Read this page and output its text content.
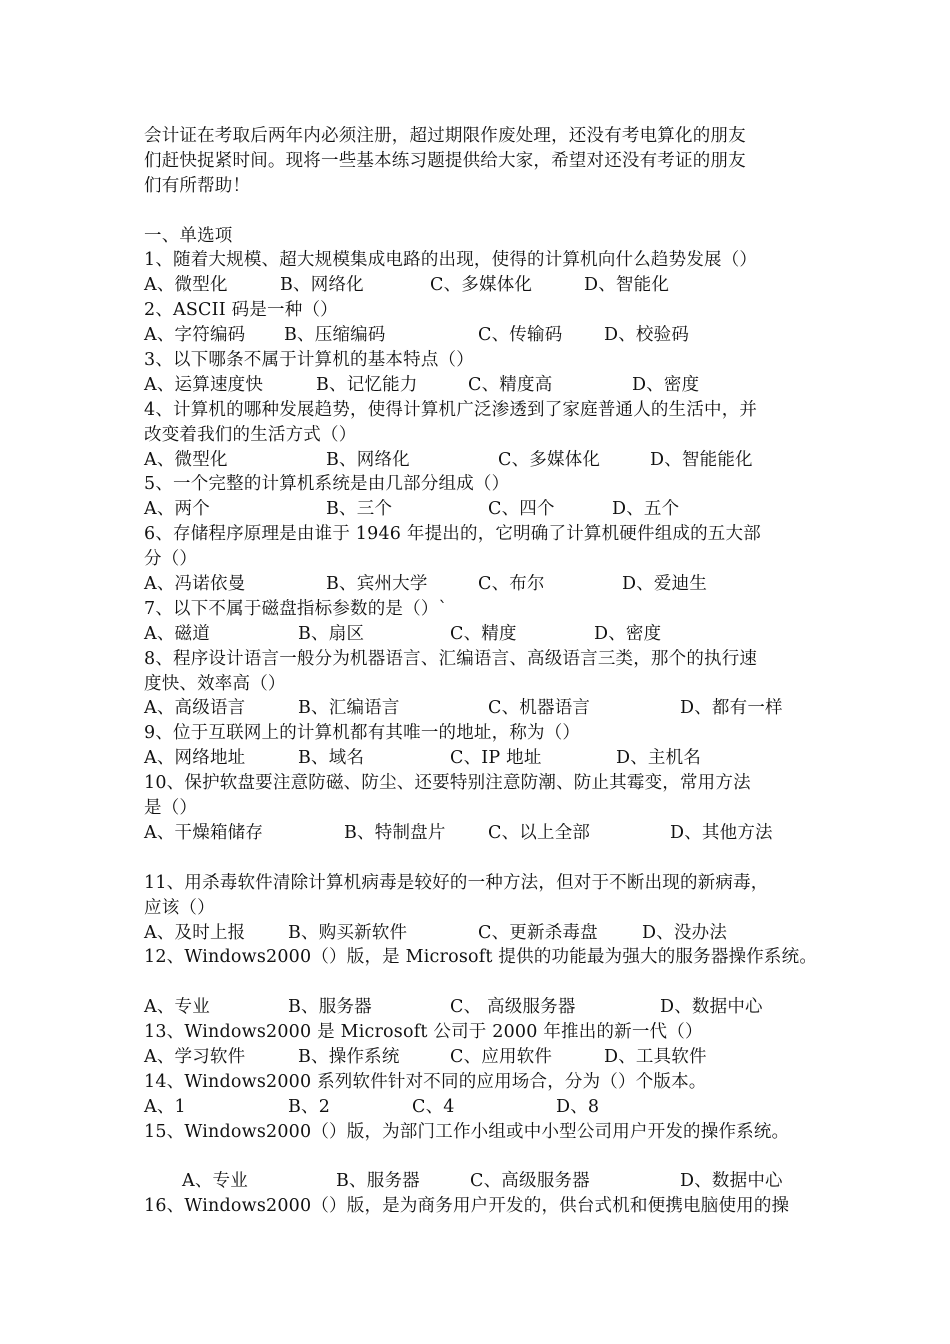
会计证在考取后两年内必须注册，超过期限作废处理，还没有考电算化的朋友
们赶快捉紧时间。现将一些基本练习题提供给大家，希望对还没有考证的朋友
们有所帮助！
一、单选项
1、随着大规模、超大规模集成电路的出现，使得的计算机向什么趋势发展（）
A、微型化	B、网络化	C、多媒体化	D、智能化
2、ASCII 码是一种（）
A、字符编码 B、压缩编码	C、传输码 D、校验码
3、以下哪条不属于计算机的基本特点（）
A、运算速度快	B、记忆能力	C、精度高	D、密度
4、计算机的哪种发展趋势，使得计算机广泛渗透到了家庭普通人的生活中，并
改变着我们的生活方式（）
A、微型化	B、网络化	C、多媒体化	D、智能能化
5、一个完整的计算机系统是由几部分组成（）
A、两个	B、三个	C、四个	D、五个
6、存储程序原理是由谁于 1946 年提出的，它明确了计算机硬件组成的五大部
分（）
A、冯诺依曼	B、宾州大学	C、布尔	D、爱迪生
7、以下不属于磁盘指标参数的是（）`
A、磁道	B、扇区	C、精度	D、密度
8、程序设计语言一般分为机器语言、汇编语言、高级语言三类，那个的执行速
度快、效率高（）
A、高级语言	B、汇编语言	C、机器语言	D、都有一样
9、位于互联网上的计算机都有其唯一的地址，称为（）
A、网络地址	B、域名	C、IP 地址	D、主机名
10、保护软盘要注意防磁、防尘、还要特别注意防潮、防止其霉变，常用方法
是（）
A、干燥箱储存	B、特制盘片 C、以上全部	D、其他方法
11、用杀毒软件清除计算机病毒是较好的一种方法，但对于不断出现的新病毒，
应该（）
A、及时上报 B、购买新软件	C、更新杀毒盘	D、没办法
12、Windows2000（）版，是 Microsoft 提供的功能最为强大的服务器操作系统。
A、专业	B、服务器	C、 高级服务器	D、数据中心
13、Windows2000 是 Microsoft 公司于 2000 年推出的新一代（）
A、学习软件	B、操作系统	C、应用软件	D、工具软件
14、Windows2000 系列软件针对不同的应用场合，分为（）个版本。
A、1	B、2	C、4	D、8
15、Windows2000（）版，为部门工作小组或中小型公司用户开发的操作系统。
A、专业	B、服务器	C、高级服务器	D、数据中心
16、Windows2000（）版，是为商务用户开发的，供台式机和便携电脑使用的操
